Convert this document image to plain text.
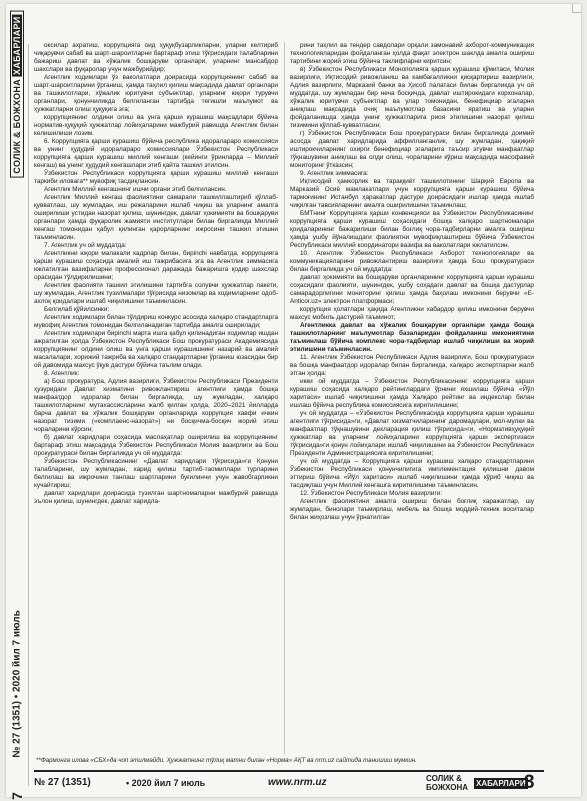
СОЛИК & БОЖХОНАХАБАРЛАРИ
№ 27 (1351) • 2020 йил 7 июль
7

оксилар ахратиш, коррупцияга оид ҳуқуқбузарликларни, уларни келтириб чиқарувчи сабаб ва шарт-шароитларни бартараф этиш тўғрисидаги талабларини бажариш давлат ва хўжалик бошқаруви органлари, уларнинг мансабдор шахслари ва фуқаролар учун мажбурийдир;

Агентлик ходимлари ўз ваколатлари доирасида коррупциянинг сабаб ва шарт-шароитларини ўрганиш, ҳамда таҳлил қилиш мақсадида давлат органлари ва ташкилотлари, хўжалик юритувчи субъектлар, уларнинг юқори турувчи органлари, қонунчиликда белгиланган тартибда тегишли маълумот ва ҳужжатларни олиш ҳуқуқига эга;

коррупциянинг олдини олиш ва унга қарши курашиш мақсадлари бўйича норматив-ҳуқуқий ҳужжатлар лойиҳаларини мажбурий равишда Агентлик билан келишилиши лозим.

6. Коррупцияга қарши курашиш бўйича республика идоралараро комиссияси ва унинг ҳудудий идоралараро комиссиялари Ўзбекистон Республикаси коррупцияга қарши курашиш миллий кенгаши (кейинги ўринларда – Миллий кенгаш) ва унинг ҳудудий кенгашлари этиб қайта ташкил этилсин.

Ўзбекистон Республикаси коррупцияга қарши курашиш миллий кенгаши таркиби иловага** мувофиқ тасдиқлансин.

Агентлик Миллий кенгашнинг ишчи органи этиб белгилансин.

Агентлик Миллий кенгаш фаолиятини самарали ташкиллаштириб қўллаб-қувватлаш, шу жумладан, иш режаларини ишлаб чиқиш ва уларнинг амалга оширилиши устидан назорат қилиш, шунингдек, давлат ҳокимияти ва бошқаруви органлари ҳамда фуқаролик жамияти институтлари билан биргаликда Миллий кенгаш томонидан қабул қилинган қарорларнинг ижросини ташкил этишни таъминласин.

7. Агентлик уч ой муддатда:

Агентликни юқори малакали кадрлар билан, бирinchi навбатда, коррупцияга қарши курашиш соҳасида амалий иш тажрибасига эга ва Агентлик зиммасига юклатилган вазифаларни профессионал даражада бажаришга қодир шахслар орасидан тўлдирилишини;

Агентлик фаолияти ташкил этилишини тартибга солувчи ҳужжатлар пакети, шу жумладан, Агентлик тузилмалари тўғрисида низомлар ва ходимларнинг одоб-ахлоқ қоидалари ишлаб чиқилишини таъминласин.

Белгилаб қўйилсинки:

Агентлик ходимлари билан тўлдириш конкурс асосида халқаро стандартларга мувофиқ Агентлик томонидан белгиланадиган тартибда амалга оширилади;

Агентлик ходимлари бирinchi марта ишга қабул қилинадиган ходимлар ишдан ажратилган ҳолда Ўзбекистон Республикаси Бош прокуратураси Академиясида коррупциянинг олдини олиш ва унга қарши курашишнинг назарий ва амалий масалалари, хорижий тажриба ва халқаро стандартларни ўрганиш юзасидан бир ой давомида махсус ўқув дастури бўйича таълим олади.

8. Агентлик:

а) Бош прокуратура, Адлия вазирлиги, Ўзбекистон Республикаси Президенти ҳузуридаги Давлат хизматини ривожлантириш агентлиги ҳамда бошқа манфаатдор идоралар билан биргаликда, шу жумладан, халқаро ташкилотларнинг мутахассисларини жалб қилган ҳолда, 2020–2021 йилларда барча давлат ва хўжалик бошқаруви органларида коррупция хавфи ичкин назорат тизими («комплаенс-назорат») ни босқичма-босқич жорий этиш чораларини кўрсин;

б) давлат харидлари соҳасида маслаҳатлар оширилиш ва коррупциянинг бартараф этиш мақсадида Ўзбекистон Республикаси Молия вазирлиги ва Бош прокуратураси билан биргаликда уч ой муддатда:

Ўзбекистон Республикасининг «Давлат харидлари тўғрисида»ги Қонуни талабларини, шу жумладан, харид қилиш тартиб-таомиллари турларини белгилаш ва ижрочини танлаш шартларини буғилинчи учун жавобгарликни кучайтириш;

давлат харидлари доирасида тузилган шартномаларни мажбурий равишда эълон қилиш, шунингдек, давлат харидла-

рини таҳлил ва тендер савдолари орқали замонавий ахборот-коммуникация технологияларидан фойдаланган ҳолда фақат электрон шаклда амалга ошириш тартибини жорий этиш бўйича таклифларни киритсин;

в) Ўзбекистон Республикаси Монополияга қарши курашиш қўмитаси, Молия вазирлиги, Иқтисодий ривожланиш ва камбағалликни қисқартириш вазирлиги, Адлия вазирлиги, Марказий банки ва Ҳисоб палатаси билан биргаликда уч ой муддатда, шу жумладан бир неча босқичда, давлат иштирокидаги корхоналар, хўжалик юритувчи субъектлар ва улар томонидан, бенефициар эгаларни аниқлаш мақсадида очиқ маълумотлар базасини яратиш ва уларни фойдаланишда ҳамда унинг ҳужжатларига риоя этилишини назорат қилиш тизимини қўллаб-қувватласин;

г) Ўзбекистон Республикаси Бош прокуратураси билан биргаликда доимий асосда давлат харидларида аффилланганлик, шу жумладан, ҳақиқий иштирокчиларнинг охирги бенефициар эгаларига таъсир этувчи манфаатлар тўқнашувини аниқлаш ва олди олиш, чораларини кўриш мақсадида масофавий мониторинг ўтказсин;

9. Агентлик зиммасига:

Иқтисодий ҳамкорлик ва тараққиёт ташкилотининг Шарқий Европа ва Марказий Осиё мамлакатлари учун коррупцияга қарши курашиш бўйича тармоғининг Истанбул ҳаракатлар дастури доирасидаги ишлар ҳамда ишлаб чиқилган тавсияларнинг амалга оширилишини таъминлаш;

БМТнинг Коррупцияга қарши конвенцияси ва Ўзбекистон Республикасининг коррупцияга қарши курашиш соҳасидаги бошқа халқаро шартномалари қоидаларининг бажарилиши билан боғлиқ чора-тадбирларни амалга ошириш ҳамда ушбу йўналишдаги фаолиятни мувофиқлаштириш бўйича Ўзбекистон Республикаси миллий координатори вазифа ва ваколатлари юклатилсин.

10. Агентлик Ўзбекистон Республикаси Ахборот технологиялари ва коммуникацияларини ривожлантириш вазирлиги ҳамда Бош прокуратураси билан биргаликда уч ой муддатда:

давлат ҳокимияти ва бошқаруви органларининг коррупцияга қарши курашиш соҳасидаги фаолияти, шунингдек, ушбу соҳадаги давлат ва бошқа дастурлар самарадорлигини мониторинг қилиш ҳамда баҳолаш имконини берувчи «E-Anticor.uz» электрон платформаси;

коррупция ҳолатлари ҳақида Агентликни хабардор қилиш имконини берувчи махсус мобиль дастурий таъминот;

Агентликка давлат ва хўжалик бошқаруви органлари ҳамда бошқа ташкилотларнинг маълумотлар базаларидан фойдаланиш имкониятини таъминлаш бўйича комплекс чора-тадбирлар ишлаб чиқилиши ва жорий этилишини таъминласин.

11. Агентлик Ўзбекистон Республикаси Адлия вазирлиги, Бош прокуратураси ва бошқа манфаатдор идоралар билан биргаликда, халқаро экспертларни жалб этган ҳолда:

икки ой муддатда – Ўзбекистон Республикасининг коррупцияга қарши курашиш соҳасида халқаро рейтинглардаги ўрнини яхшилаш бўйича «Йўл харитаси» ишлаб чиқилишини ҳамда Халқаро рейтинг ва индекслар билан ишлаш бўйича республика комиссиясига киритилишини;

уч ой муддатда – «Ўзбекистон Республикасида коррупцияга қарши курашиш агентлиги тўғрисида»ги, «Давлат хизматчиларининг даромадлари, мол-мулки ва манфаатлар тўқнашувини декларация қилиш тўғрисида»ги, «Нормативҳуқуқий ҳужжатлар ва уларнинг лойиҳаларини коррупцияга қарши экспертизаси тўғрисида»ги қонун лойиҳалари ишлаб чиқилишини ва Ўзбекистон Республикаси Президенти Администрациясига киритилишини;

уч ой муддатда – Коррупцияга қарши курашиш халқаро стандартларини Ўзбекистон Республикаси қонунчилигига имплементация қилишни давом эттириш бўйича «Йўл харитаси» ишлаб чиқилишини ҳамда кўриб чиқиш ва тасдиқлаш учун Миллий кенгашга киритилишини таъминласин.

12. Ўзбекистон Республикаси Молия вазирлиги:

Агентлик фаолиятини амалга ошириш билан боғлиқ харажатлар, шу жумладан, бинолари таъмирлаш, мебель ва бошқа моддий-техник воситалар билан жиҳозлаш учун ўрнатилган

**Фармонга илова «СБХ»да чоп этилмайди. Ҳужжатнинг тўлиқ матни билан «Норма» АҚТ ва nrm.uz сайтида танишиш мумкин.
№ 27 (1351)	• 2020 йил 7 июль	www.nrm.uz	СОЛИК &
БОЖХОНА ХАБАРЛАРИ
3
